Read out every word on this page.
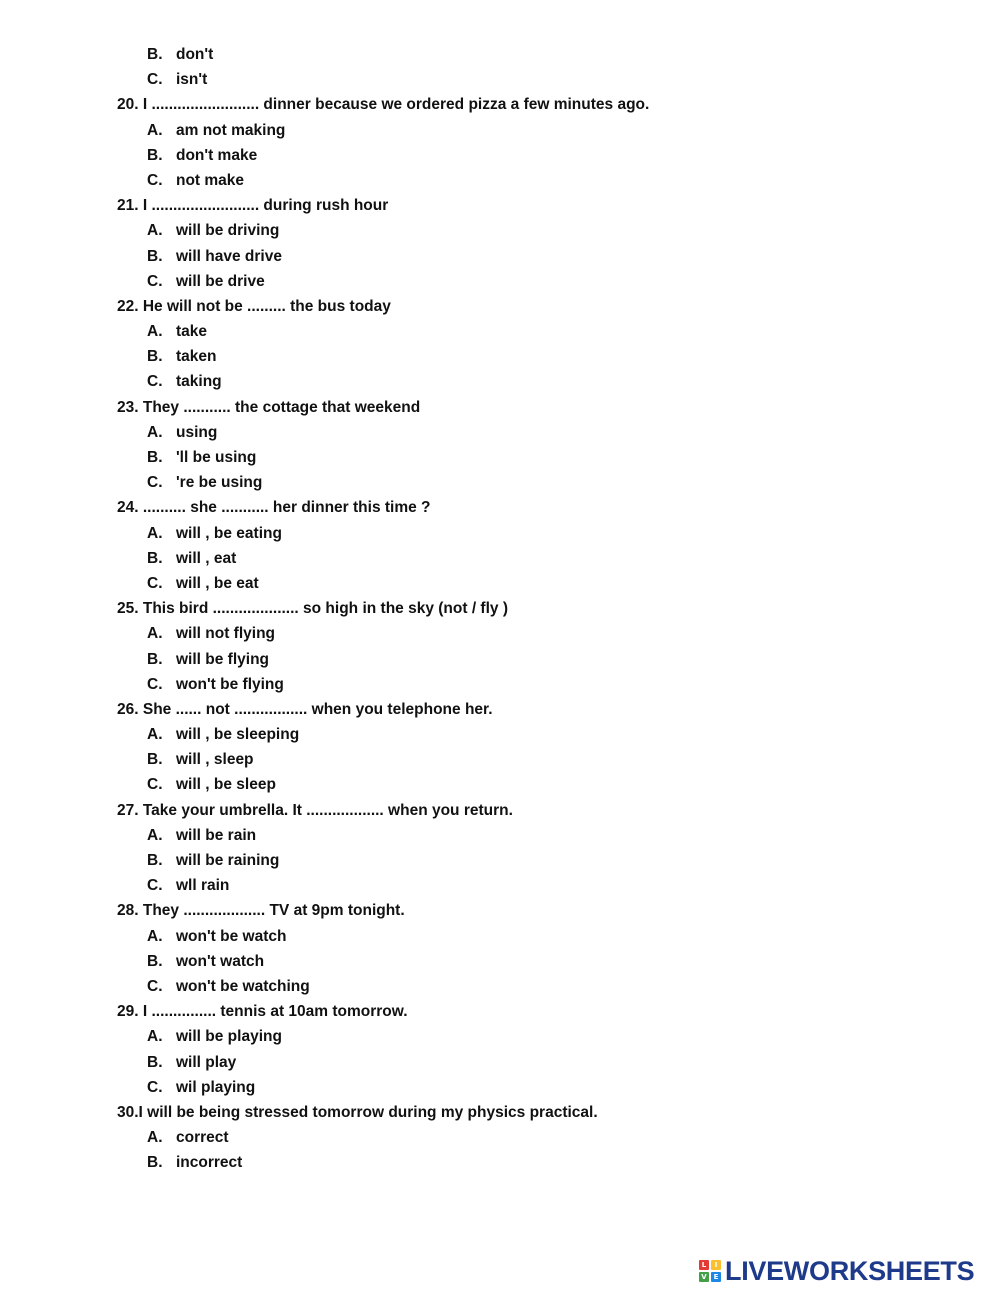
B. don't
C. isn't
20. I ......................... dinner because we ordered pizza a few minutes ago.
A. am not making
B. don't make
C. not make
21. I ......................... during rush hour
A. will be driving
B. will have drive
C. will be drive
22. He will not be ......... the bus today
A. take
B. taken
C. taking
23. They ........... the cottage that weekend
A. using
B. 'll be using
C. 're be using
24. .......... she ........... her dinner this time ?
A. will , be eating
B. will , eat
C. will , be eat
25. This bird .................... so high in the sky (not / fly )
A. will not flying
B. will be flying
C. won't be flying
26. She ...... not ................. when you telephone her.
A. will , be sleeping
B. will , sleep
C. will , be sleep
27. Take your umbrella. It .................. when you return.
A. will be rain
B. will be raining
C. wll rain
28. They ................... TV at 9pm tonight.
A. won't be watch
B. won't watch
C. won't be watching
29. I ............... tennis at 10am tomorrow.
A. will be playing
B. will play
C. wil playing
30.I will be being stressed tomorrow during my physics practical.
A. correct
B. incorrect
L	I
V E LIVEWORKSHEETS
